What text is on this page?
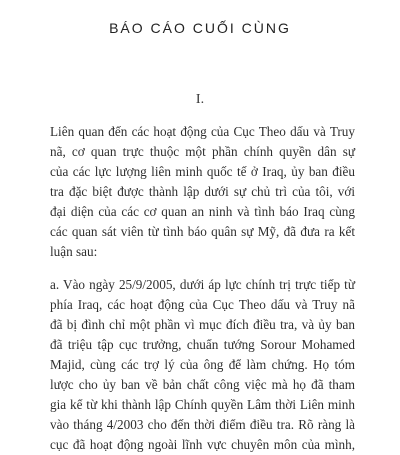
BÁO CÁO CUỐI CÙNG
I.
Liên quan đến các hoạt động của Cục Theo dấu và Truy
nã, cơ quan trực thuộc một phần chính quyền dân sự
của các lực lượng liên minh quốc tế ở Iraq, ủy ban điều
tra đặc biệt được thành lập dưới sự chủ trì của tôi, với
đại diện của các cơ quan an ninh và tình báo Iraq cùng
các quan sát viên từ tình báo quân sự Mỹ, đã đưa ra kết
luận sau:
a. Vào ngày 25/9/2005, dưới áp lực chính trị trực tiếp từ
phía Iraq, các hoạt động của Cục Theo dấu và Truy nã
đã bị đình chỉ một phần vì mục đích điều tra, và ủy ban
đã triệu tập cục trưởng, chuẩn tướng Sorour Mohamed
Majid, cùng các trợ lý của ông để làm chứng. Họ tóm
lược cho ủy ban về bản chất công việc mà họ đã tham
gia kể từ khi thành lập Chính quyền Lâm thời Liên minh
vào tháng 4/2003 cho đến thời điểm điều tra. Rõ ràng là
cục đã hoạt động ngoài lĩnh vực chuyên môn của mình,
